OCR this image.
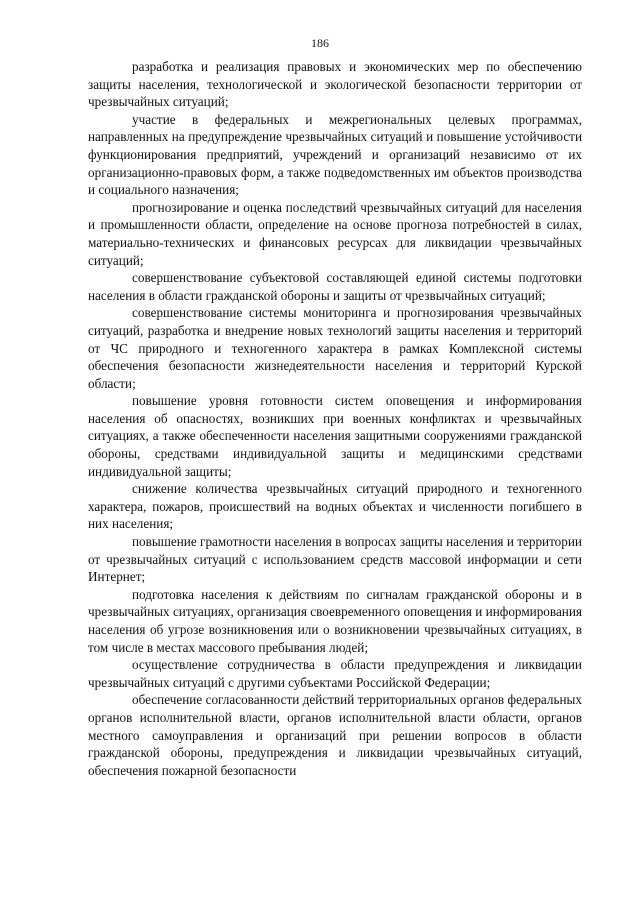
186

разработка и реализация правовых и экономических мер по обеспечению защиты населения, технологической и экологической безопасности территории от чрезвычайных ситуаций;

участие в федеральных и межрегиональных целевых программах, направленных на предупреждение чрезвычайных ситуаций и повышение устойчивости функционирования предприятий, учреждений и организаций независимо от их организационно-правовых форм, а также подведомственных им объектов производства и социального назначения;

прогнозирование и оценка последствий чрезвычайных ситуаций для населения и промышленности области, определение на основе прогноза потребностей в силах, материально-технических и финансовых ресурсах для ликвидации чрезвычайных ситуаций;

совершенствование субъектовой составляющей единой системы подготовки населения в области гражданской обороны и защиты от чрезвычайных ситуаций;

совершенствование системы мониторинга и прогнозирования чрезвычайных ситуаций, разработка и внедрение новых технологий защиты населения и территорий от ЧС природного и техногенного характера в рамках Комплексной системы обеспечения безопасности жизнедеятельности населения и территорий Курской области;

повышение уровня готовности систем оповещения и информирования населения об опасностях, возникших при военных конфликтах и чрезвычайных ситуациях, а также обеспеченности населения защитными сооружениями гражданской обороны, средствами индивидуальной защиты и медицинскими средствами индивидуальной защиты;

снижение количества чрезвычайных ситуаций природного и техногенного характера, пожаров, происшествий на водных объектах и численности погибшего в них населения;

повышение грамотности населения в вопросах защиты населения и территории от чрезвычайных ситуаций с использованием средств массовой информации и сети Интернет;

подготовка населения к действиям по сигналам гражданской обороны и в чрезвычайных ситуациях, организация своевременного оповещения и информирования населения об угрозе возникновения или о возникновении чрезвычайных ситуациях, в том числе в местах массового пребывания людей;

осуществление сотрудничества в области предупреждения и ликвидации чрезвычайных ситуаций с другими субъектами Российской Федерации;

обеспечение согласованности действий территориальных органов федеральных органов исполнительной власти, органов исполнительной власти области, органов местного самоуправления и организаций при решении вопросов в области гражданской обороны, предупреждения и ликвидации чрезвычайных ситуаций, обеспечения пожарной безопасности
